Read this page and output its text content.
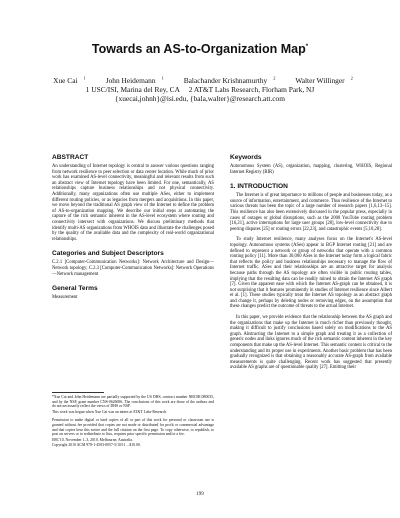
Towards an AS-to-Organization Map*
Xue Cai $^1$	John Heidemann $^1$	Balachander Krishnamurthy $^2$	Walter Willinger $^2$
1 USC/ISI, Marina del Rey, CA     2 AT&T Labs Research, Florham Park, NJ
{xuecai,johnh}@isi.edu, {bala,walter}@research.att.com
ABSTRACT

An understanding of Internet topology is central to answer various questions ranging from network resilience to peer selection or data center location. While much of prior work has examined AS-level connectivity, meaningful and relevant results from such an abstract view of Internet topology have been limited. For one, semantically, AS relationships capture business relationships and not physical connectivity. Additionally, many organizations often use multiple ASes, either to implement different routing policies, or as legacies from mergers and acquisitions. In this paper, we move beyond the traditional AS graph view of the Internet to define the problem of AS-to-organization mapping. We describe our initial steps at automating the capture of the rich semantic inherent in the AS-level ecosystem where routing and connectivity intersect with organizations. We discuss preliminary methods that identify multi-AS organizations from WHOIS data and illustrate the challenges posed by the quality of the available data and the complexity of real-world organizational relationships.

Categories and Subject Descriptors

C.2.1 [Computer-Communication Networks]: Network Architecture and Design—Network topology; C.2.3 [Computer-Communication Networks]: Network Operations—Network management

General Terms

Measurement

*Xue Cai and John Heidemann are partially supported by the US DHS, contract number NBCHC080035, and by the NSF, grant number CNS-0626696. The conclusions of this work are those of the authors and do not necessarily reflect the views of DHS or NSF.

This work was begun when Xue Cai was an intern at AT&T Labs-Research.

Permission to make digital or hard copies of all or part of this work for personal or classroom use is granted without fee provided that copies are not made or distributed for profit or commercial advantage and that copies bear this notice and the full citation on the first page. To copy otherwise, to republish, to post on servers or to redistribute to lists, requires prior specific permission and/or a fee.

IMC'10, November 1–3, 2010, Melbourne, Australia.

Copyright 2010 ACM 978-1-4503-0057-5/10/11 ...$10.00.

Keywords

Autonomous System (AS), organization, mapping, clustering, WHOIS, Regional Internet Registry (RIR)

1. INTRODUCTION

The Internet is of great importance to millions of people and businesses today, as a source of information, entertainment, and commerce. Thus resilience of the Internet to various threats has been the topic of a large number of research papers [1,6,13–15]. This resilience has also been extensively discussed in the popular press, especially in cases of outages or global disruptions, such as the 2008 YouTube routing problem [16,21], active interruptions for large user groups [28], low-level connectivity due to peering disputes [25] or routing errors [22,23], and catastrophic events [5,10,28].

To study Internet resilience, many analyses focus on the Internet's AS-level topology. Autonomous systems (ASes) appear in BGP Internet routing [21] and are defined to represent a network or group of networks that operate with a common routing policy [11]. More than 30,000 ASes in the Internet today form a logical fabric that reflects the policy and business relationships necessary to manage the flow of Internet traffic. ASes and their relationships are an attractive target for analysis because paths through the AS topology are often visible in public routing tables, implying that the resulting data can be readily mined to obtain the Internet AS graph [7]. Given the apparent ease with which the Internet AS-graph can be obtained, it is not surprising that it features prominently in studies of Internet resilience since Albert et al. [1]. These studies typically treat the Internet AS topology as an abstract graph and change it, perhaps by deleting nodes or removing edges, on the assumption that these changes predict the outcome of threats to the actual Internet.

In this paper, we provide evidence that the relationship between the AS graph and the organizations that make up the Internet is much richer than previously thought, making it difficult to justify conclusions based solely on modifications to the AS graph. Abstracting the Internet to a simple graph and treating it as a collection of generic nodes and links ignores much of the rich semantic content inherent in the key components that make up the AS-level Internet. This semantic content is critical to the understanding and its proper use in experiments. Another basic problem that has been gradually recognized is that obtaining a reasonably accurate AS-graph from available measurements is quite challenging. Recent work has suggested that presently available AS graphs are of questionable quality [27]. Emitting their

199
